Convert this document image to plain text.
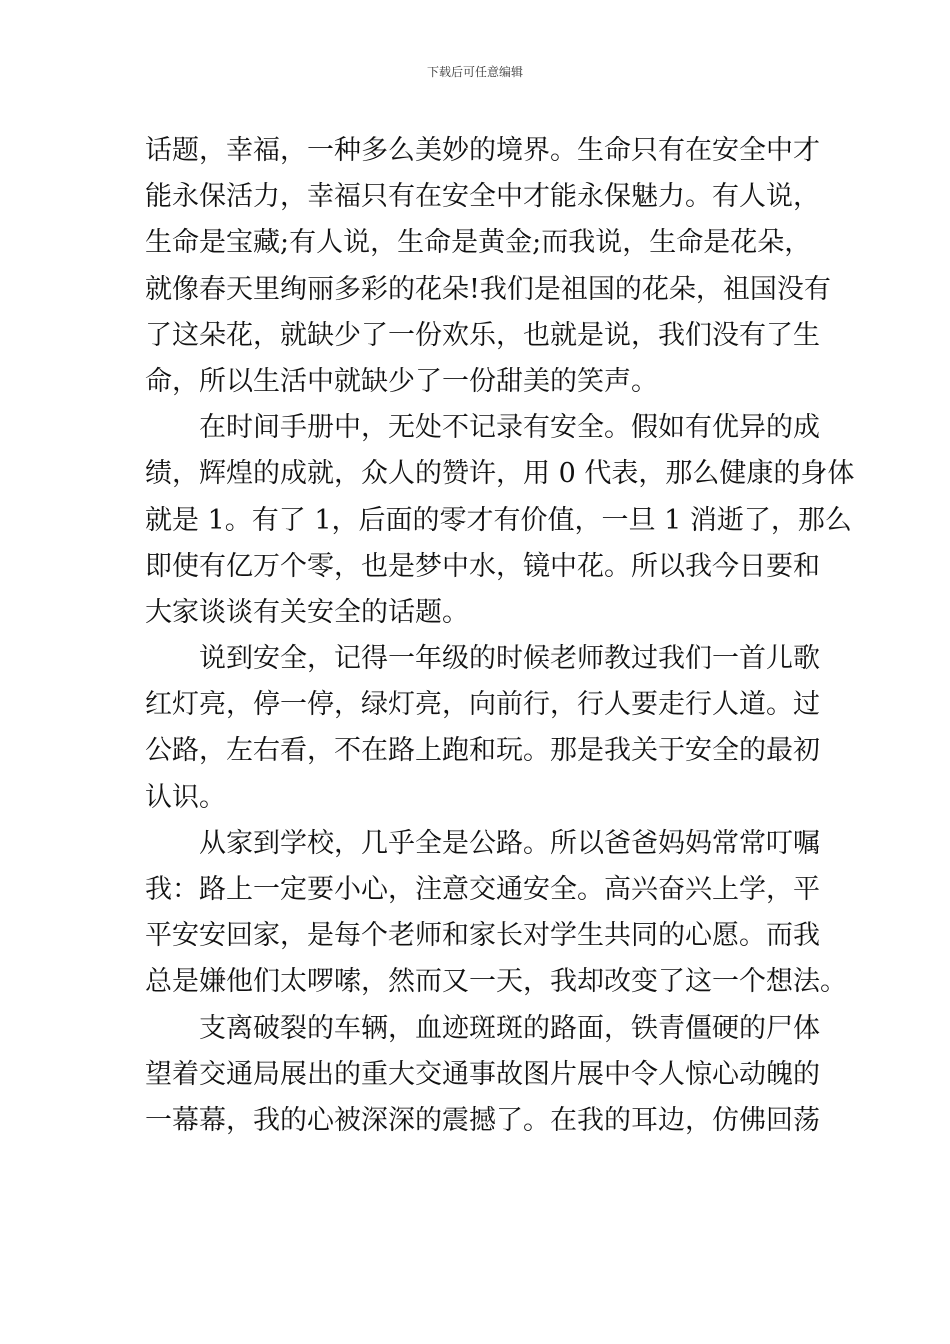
下载后可任意编辑
话题，幸福，一种多么美妙的境界。生命只有在安全中才
能永保活力，幸福只有在安全中才能永保魅力。有人说，
生命是宝藏;有人说，生命是黄金;而我说，生命是花朵，
就像春天里绚丽多彩的花朵!我们是祖国的花朵，祖国没有
了这朵花，就缺少了一份欢乐，也就是说，我们没有了生
命，所以生活中就缺少了一份甜美的笑声。
在时间手册中，无处不记录有安全。假如有优异的成
绩，辉煌的成就，众人的赞许，用 0 代表，那么健康的身体
就是 1。有了 1，后面的零才有价值，一旦 1 消逝了，那么
即使有亿万个零，也是梦中水，镜中花。所以我今日要和
大家谈谈有关安全的话题。
说到安全，记得一年级的时候老师教过我们一首儿歌
红灯亮，停一停，绿灯亮，向前行，行人要走行人道。过
公路，左右看，不在路上跑和玩。那是我关于安全的最初
认识。
从家到学校，几乎全是公路。所以爸爸妈妈常常叮嘱
我：路上一定要小心，注意交通安全。高兴奋兴上学，平
平安安回家，是每个老师和家长对学生共同的心愿。而我
总是嫌他们太啰嗦，然而又一天，我却改变了这一个想法。
支离破裂的车辆，血迹斑斑的路面，铁青僵硬的尸体
望着交通局展出的重大交通事故图片展中令人惊心动魄的
一幕幕，我的心被深深的震撼了。在我的耳边，仿佛回荡
